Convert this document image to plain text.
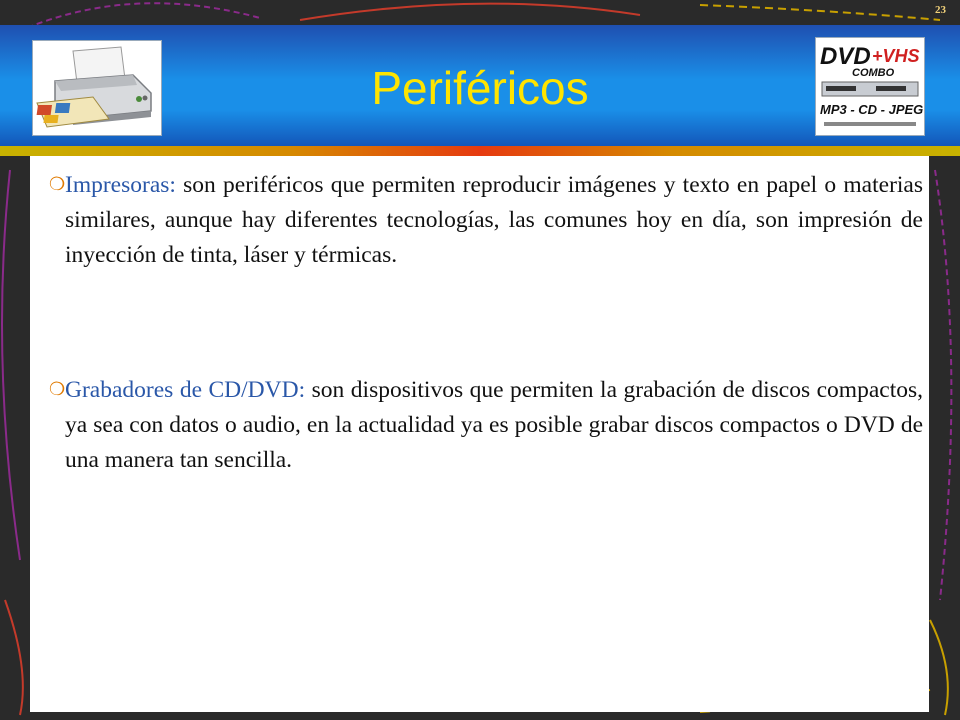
23
Periféricos
DVD +VHS
COMBO
MP3 - CD - JPEG
❍ Impresoras: son periféricos que permiten reproducir imágenes y texto en papel o materias similares, aunque hay diferentes tecnologías, las comunes hoy en día, son impresión de inyección de tinta, láser y térmicas.
❍ Grabadores de CD/DVD: son dispositivos que permiten la grabación de discos compactos, ya sea con datos o audio, en la actualidad ya es posible grabar discos compactos o DVD de una manera tan sencilla.
